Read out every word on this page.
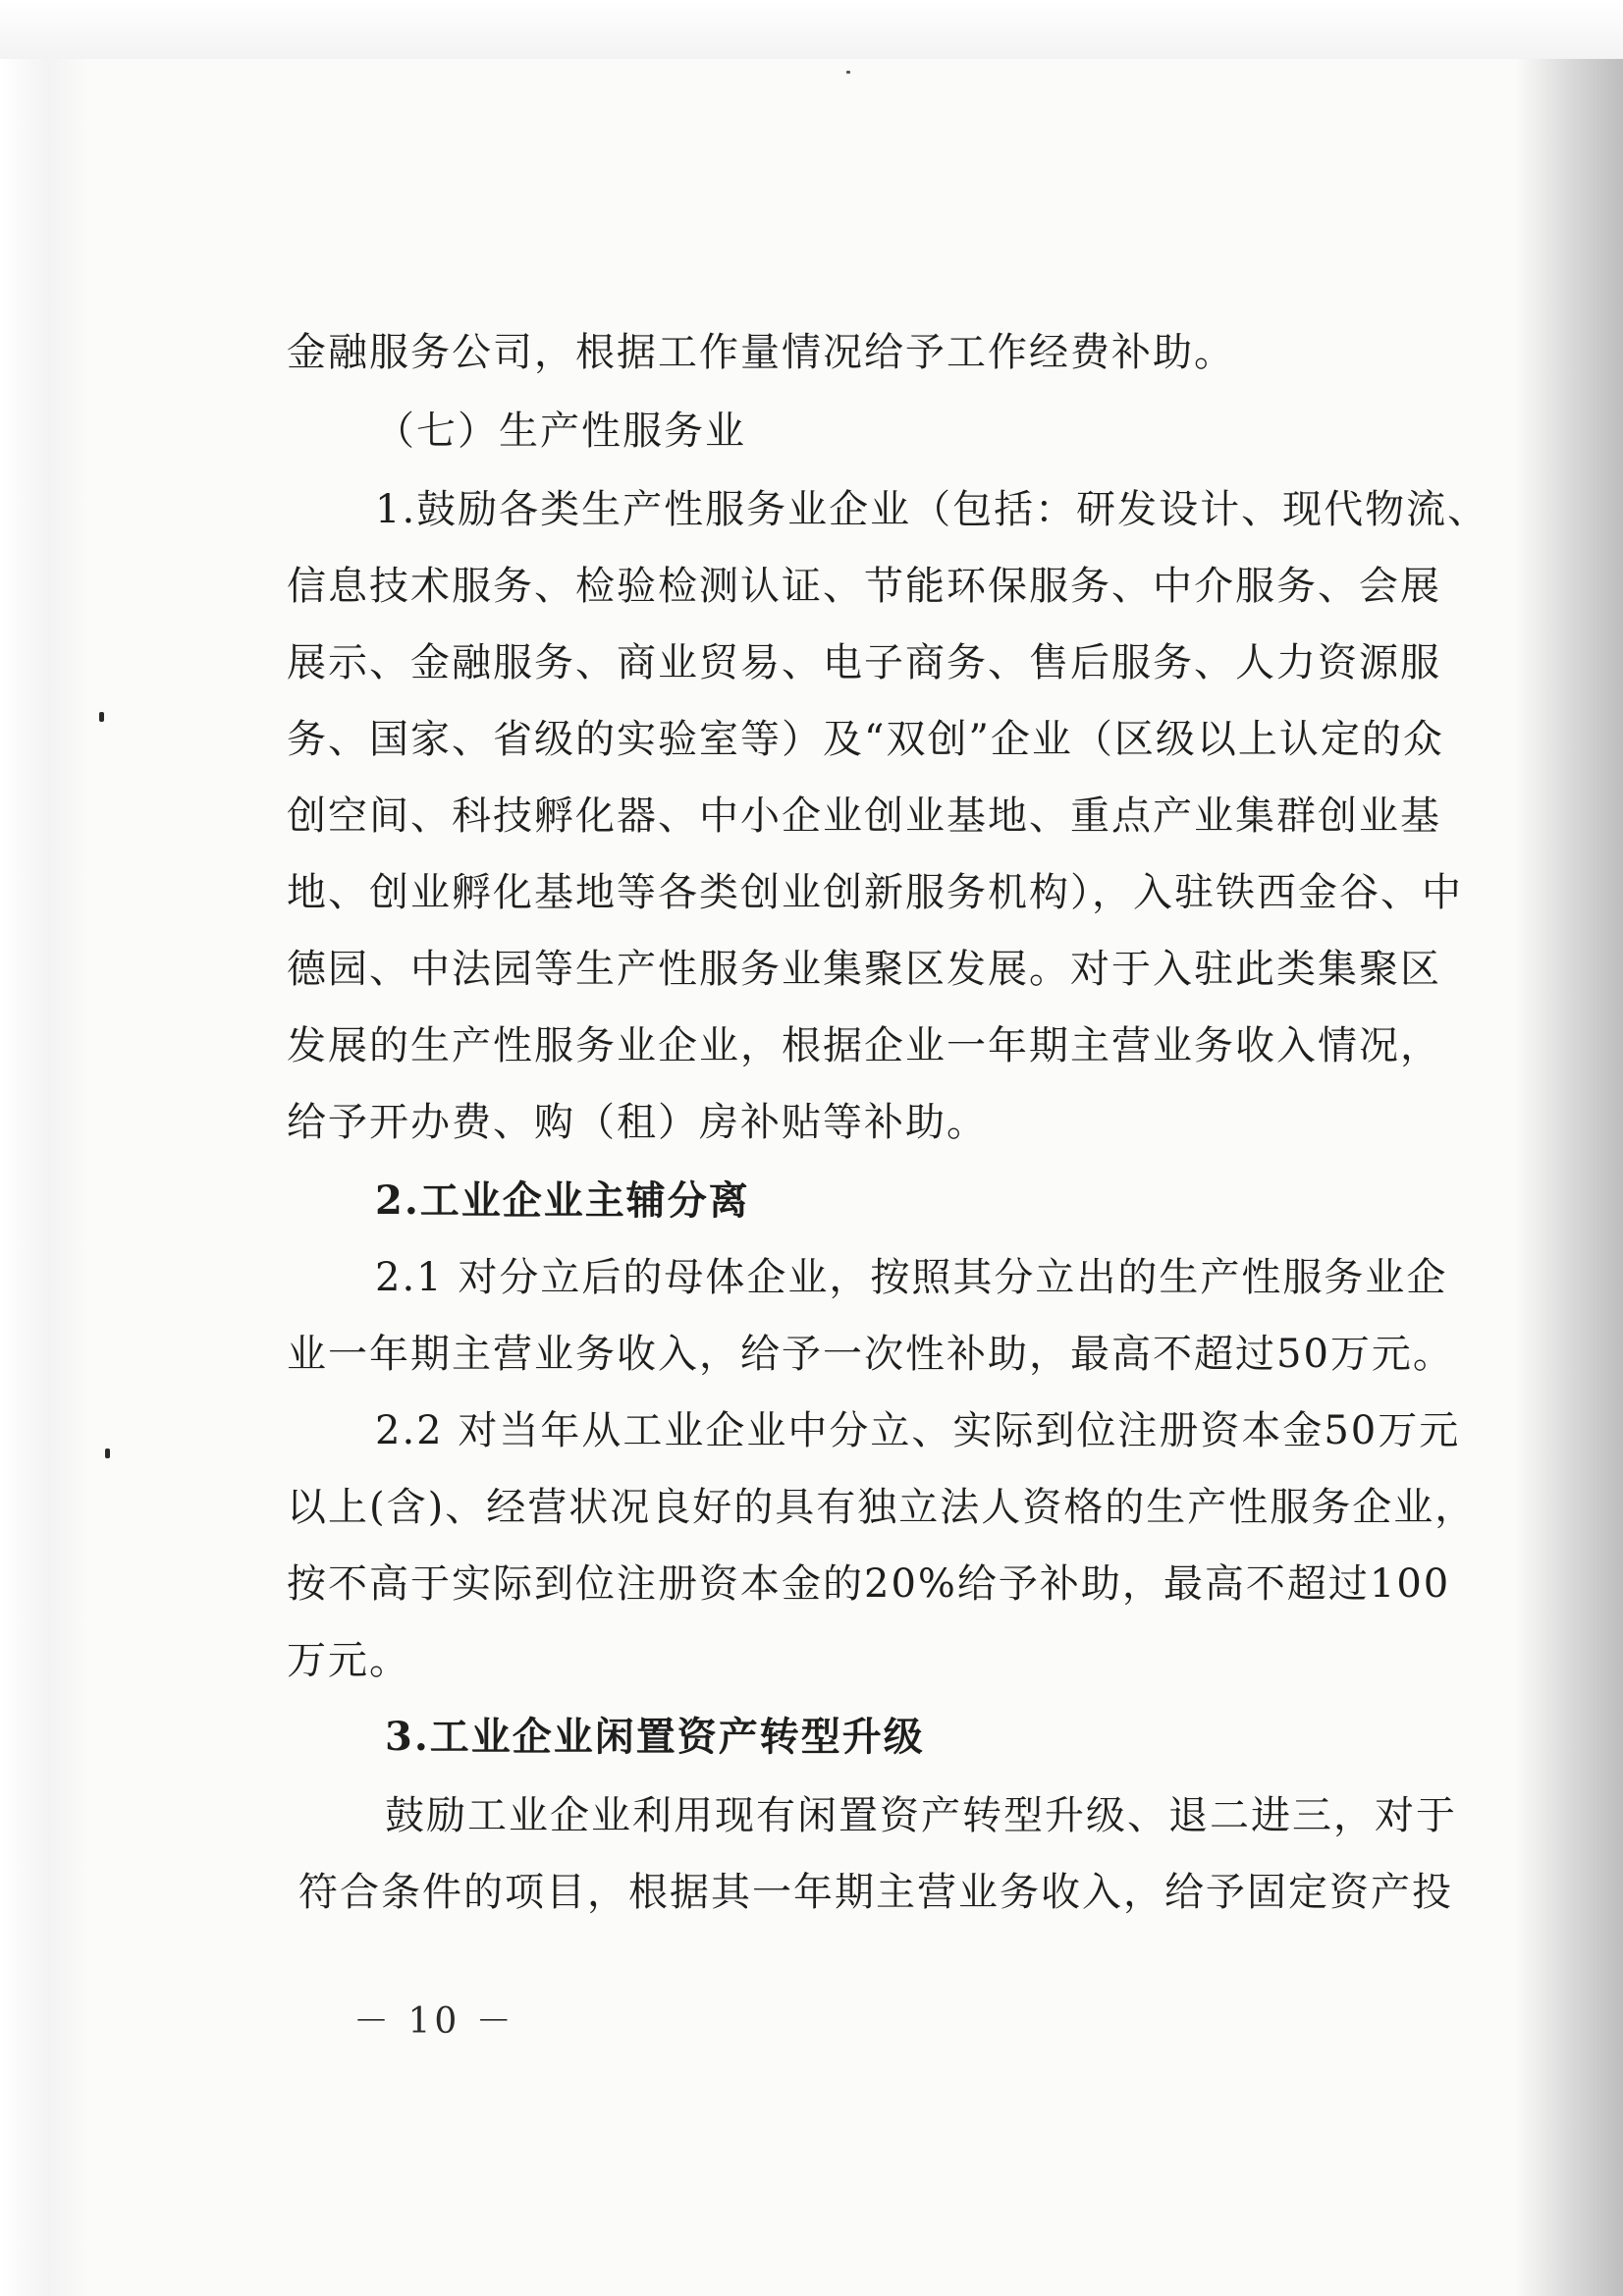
金融服务公司，根据工作量情况给予工作经费补助。
（七）生产性服务业
1.鼓励各类生产性服务业企业（包括：研发设计、现代物流、
信息技术服务、检验检测认证、节能环保服务、中介服务、会展
展示、金融服务、商业贸易、电子商务、售后服务、人力资源服
务、国家、省级的实验室等）及“双创”企业（区级以上认定的众
创空间、科技孵化器、中小企业创业基地、重点产业集群创业基
地、创业孵化基地等各类创业创新服务机构），入驻铁西金谷、中
德园、中法园等生产性服务业集聚区发展。对于入驻此类集聚区
发展的生产性服务业企业，根据企业一年期主营业务收入情况，
给予开办费、购（租）房补贴等补助。
2.工业企业主辅分离
2.1 对分立后的母体企业，按照其分立出的生产性服务业企
业一年期主营业务收入，给予一次性补助，最高不超过50万元。
2.2 对当年从工业企业中分立、实际到位注册资本金50万元
以上(含)、经营状况良好的具有独立法人资格的生产性服务企业，
按不高于实际到位注册资本金的20%给予补助，最高不超过100
万元。
3.工业企业闲置资产转型升级
鼓励工业企业利用现有闲置资产转型升级、退二进三，对于
符合条件的项目，根据其一年期主营业务收入，给予固定资产投
－ 10 －
